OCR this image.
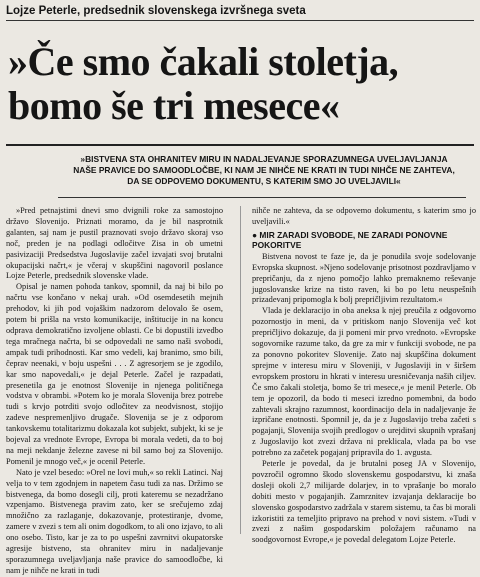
Lojze Peterle, predsednik slovenskega izvršnega sveta
»Če smo čakali stoletja,
bomo še tri mesece«
»BISTVENA STA OHRANITEV MIRU IN NADALJEVANJE SPORAZUMNEGA UVELJAVLJANJA NAŠE PRAVICE DO SAMOODLOČBE, KI NAM JE NIHČE NE KRATI IN TUDI NIHČE NE ZAHTEVA, DA SE ODPOVEMO DOKUMENTU, S KATERIM SMO JO UVELJAVILI«

»Pred petnajstimi dnevi smo dvignili roke za samostojno državo Slovenijo. Priznati moramo, da je bil nasprotnik galanten, saj nam je pustil praznovati svojo državo skoraj vso noč, preden je na podlagi odločitve Zisa in ob umetni pasivizaciji Predsedstva Jugoslavije začel izvajati svoj brutalni okupacijski načrt,« je včeraj v skupščini nagovoril poslance Lojze Peterle, predsednik slovenske vlade.

Opisal je namen pohoda tankov, spomnil, da naj bi bilo po načrtu vse končano v nekaj urah. »Od osemdesetih mejnih prehodov, ki jih pod vojaškim nadzorom delovalo še osem, potem bi prišla na vrsto komunikacije, inštitucije in na koncu odprava demokratično izvoljene oblasti. Ce bi dopustili izvedbo tega mračnega načrta, bi se odpovedali ne samo naši svobodi, ampak tudi prihodnosti. Kar smo vedeli, kaj branimo, smo bili, čeprav neenaki, v boju uspešni . . . Z agresorjem se je zgodilo, kar smo napovedali,« je dejal Peterle. Začel je razpadati, presenetila ga je enotnost Slovenije in njenega političnega vodstva v obrambi. »Potem ko je morala Slovenija brez potrebe tudi s krvjo potrditi svojo odločitev za neodvisnost, stojijo zadeve nespremenljivo drugače. Slovenija se je z odporom tankovskemu totalitarizmu dokazala kot subjekt, subjekt, ki se je bojeval za vrednote Evrope, Evropa bi morala vedeti, da to boj na meji nekdanje železne zavese ni bil samo boj za Slovenijo. Pomenil je mnogo več,« je ocenil Peterle.

Nato je vzel besedo: »Orel ne lovi muh,« so rekli Latinci. Naj velja to v tem zgodnjem in napetem času tudi za nas. Držimo se bistvenega, da bomo dosegli cilj, proti kateremu se nezadržano vzpenjamo. Bistvenega pravim zato, ker se srečujemo zdaj množično za razlaganje, dokazovanje, protestiranje, dvome, zamere v zvezi s tem ali onim dogodkom, to ali ono izjavo, to ali ono osebo. Tisto, kar je za to po uspešni zavrnitvi okupatorske agresije bistveno, sta ohranitev miru in nadaljevanje sporazumnega uveljavljanja naše pravice do samoodločbe, ki nam je nihče ne krati in tudi

nihče ne zahteva, da se odpovemo dokumentu, s katerim smo jo uveljavili.«

● MIR ZARADI SVOBODE, NE ZARADI PONOVNE POKORITVE

Bistvena novost te faze je, da je ponudila svoje sodelovanje Evropska skupnost. »Njeno sodelovanje prisotnost pozdravljamo v prepričanju, da z njeno pomočjo lahko premaknemo reševanje jugoslovanske krize na tisto raven, ki bo po letu neuspešnih prizadevanj pripomogla k bolj prepričljivim rezultatom.«

Vlada je deklaracijo in oba aneksa k njej preučila z odgovorno pozornostjo in meni, da v pritiskom nanjo Slovenija več kot prepričljivo dokazuje, da ji pomeni mir prvo vrednoto. »Evropske sogovornike razume tako, da gre za mir v funkciji svobode, ne pa za ponovno pokoritev Slovenije. Zato naj skupščina dokument sprejme v interesu miru v Sloveniji, v Jugoslaviji in v širšem evropskem prostoru in hkrati v interesu uresničevanja naših ciljev. Če smo čakali stoletja, bomo še tri mesece,« je menil Peterle. Ob tem je opozoril, da bodo ti meseci izredno pomembni, da bodo zahtevali skrajno razumnost, koordinacijo dela in nadaljevanje že izpričane enotnosti. Spomnil je, da je z Jugoslavijo treba začeti s pogajanji, Slovenija svojih predlogov o urejditvi skupnih vprašanj z Jugoslavijo kot zvezi država ni preklicala, vlada pa bo vse potrebno za začetek pogajanj pripravila do 1. avgusta.

Peterle je povedal, da je brutalni poseg JA v Slovenijo, povzročil ogromno škodo slovenskemu gospodarstvu, ki znaša dosleji okoli 2,7 milijarde dolarjev, in to vprašanje bo moralo dobiti mesto v pogajanjih. Zamrznitev izvajanja deklaracije bo slovensko gospodarstvo zadržala v starem sistemu, ta čas bi morali izkoristiti za temeljito pripravo na prehod v novi sistem. »Tudi v zvezi z našim gospodarskim položajem računamo na soodgovornost Evrope,« je povedal delegatom Lojze Peterle.
